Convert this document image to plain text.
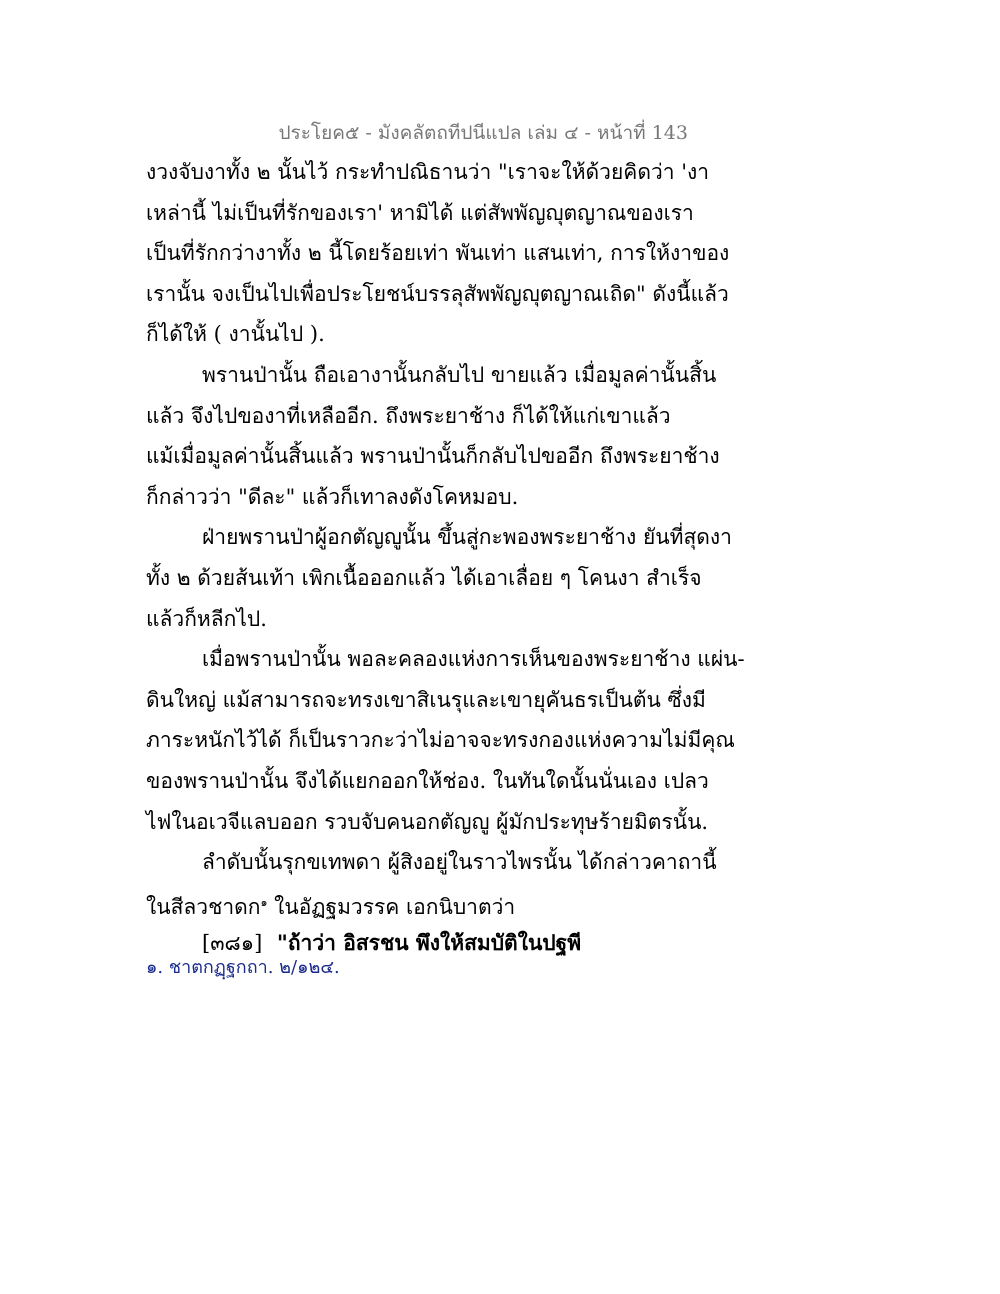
ประโยค๕ - มังคลัตถทีปนีแปล เล่ม ๔ - หน้าที่ 143
งวงจับงาทั้ง ๒ นั้นไว้ กระทำปณิธานว่า "เราจะให้ด้วยคิดว่า 'งา
เหล่านี้ ไม่เป็นที่รักของเรา' หามิได้ แต่สัพพัญญุตญาณของเรา
เป็นที่รักกว่างาทั้ง ๒ นี้โดยร้อยเท่า พันเท่า แสนเท่า, การให้งาของ
เรานั้น จงเป็นไปเพื่อประโยชน์บรรลุสัพพัญญุตญาณเถิด" ดังนี้แล้ว
ก็ได้ให้ ( งานั้นไป ).
พรานป่านั้น ถือเอางานั้นกลับไป ขายแล้ว เมื่อมูลค่านั้นสิ้น
แล้ว จึงไปของาที่เหลืออีก. ถึงพระยาช้าง ก็ได้ให้แก่เขาแล้ว
แม้เมื่อมูลค่านั้นสิ้นแล้ว พรานป่านั้นก็กลับไปขออีก ถึงพระยาช้าง
ก็กล่าวว่า "ดีละ" แล้วก็เทาลงดังโคหมอบ.
ฝ่ายพรานป่าผู้อกตัญญูนั้น ขึ้นสู่กะพองพระยาช้าง ยันที่สุดงา
ทั้ง ๒ ด้วยส้นเท้า เพิกเนื้อออกแล้ว ได้เอาเลื่อย ๆ โคนงา สำเร็จ
แล้วก็หลีกไป.
เมื่อพรานป่านั้น พอละคลองแห่งการเห็นของพระยาช้าง แผ่น-
ดินใหญ่ แม้สามารถจะทรงเขาสิเนรุและเขายุคันธรเป็นต้น ซึ่งมี
ภาระหนักไว้ได้ ก็เป็นราวกะว่าไม่อาจจะทรงกองแห่งความไม่มีคุณ
ของพรานป่านั้น จึงได้แยกออกให้ช่อง. ในทันใดนั้นนั่นเอง เปลว
ไฟในอเวจีแลบออก รวบจับคนอกตัญญู ผู้มักประทุษร้ายมิตรนั้น.
ลำดับนั้นรุกขเทพดา ผู้สิงอยู่ในราวไพรนั้น ได้กล่าวคาถานี้
ในสีลวชาดก$^๑$ ในอัฏฐมวรรค เอกนิบาตว่า
[๓๘๑] "ถ้าว่า อิสรชน พึงให้สมบัติในปฐพี
๑. ชาตกฏฺฐกถา. ๒/๑๒๔.
